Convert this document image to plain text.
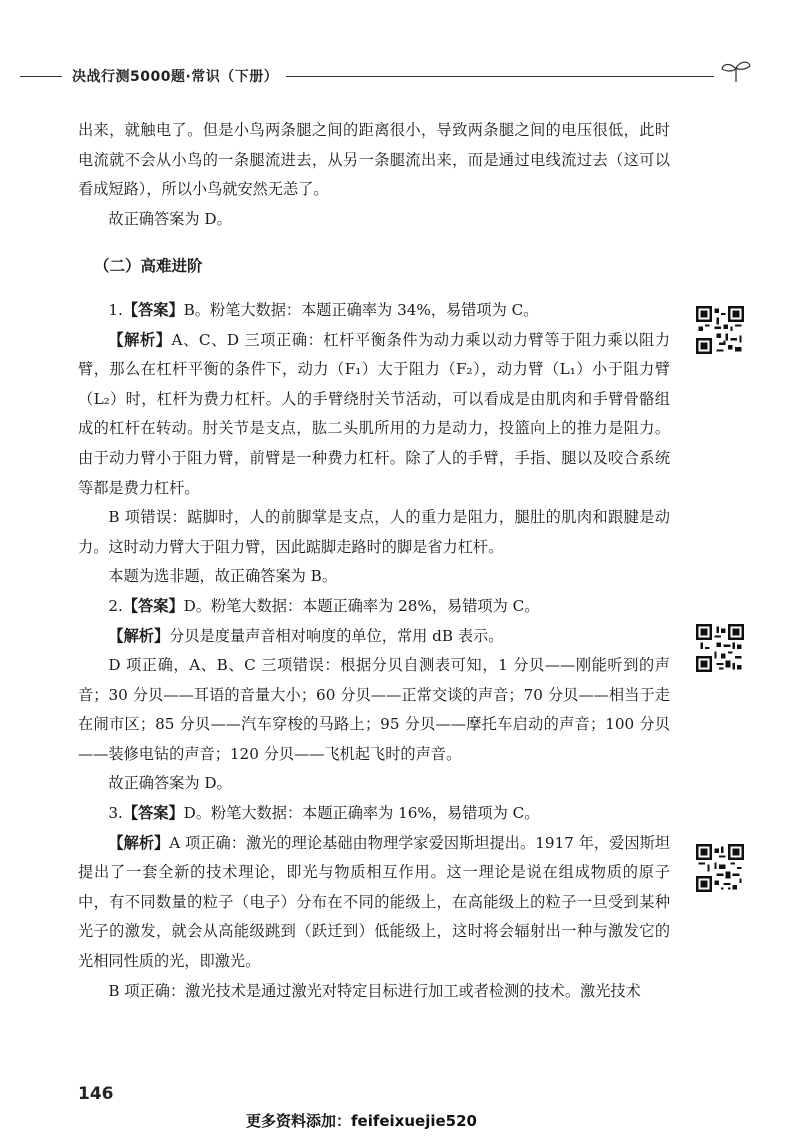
决战行测5000题·常识（下册）

出来，就触电了。但是小鸟两条腿之间的距离很小，导致两条腿之间的电压很低，此时电流就不会从小鸟的一条腿流进去，从另一条腿流出来，而是通过电线流过去（这可以看成短路），所以小鸟就安然无恙了。

故正确答案为 D。

（二）高难进阶

1.【答案】B。粉笔大数据：本题正确率为 34%，易错项为 C。

【解析】A、C、D 三项正确：杠杆平衡条件为动力乘以动力臂等于阻力乘以阻力臂，那么在杠杆平衡的条件下，动力（F₁）大于阻力（F₂），动力臂（L₁）小于阻力臂（L₂）时，杠杆为费力杠杆。人的手臂绕肘关节活动，可以看成是由肌肉和手臂骨骼组成的杠杆在转动。肘关节是支点，肱二头肌所用的力是动力，投篮向上的推力是阻力。由于动力臂小于阻力臂，前臂是一种费力杠杆。除了人的手臂，手指、腿以及咬合系统等都是费力杠杆。

B 项错误：踮脚时，人的前脚掌是支点，人的重力是阻力，腿肚的肌肉和跟腱是动力。这时动力臂大于阻力臂，因此踮脚走路时的脚是省力杠杆。

本题为选非题，故正确答案为 B。

2.【答案】D。粉笔大数据：本题正确率为 28%，易错项为 C。

【解析】分贝是度量声音相对响度的单位，常用 dB 表示。

D 项正确，A、B、C 三项错误：根据分贝自测表可知，1 分贝——刚能听到的声音；30 分贝——耳语的音量大小；60 分贝——正常交谈的声音；70 分贝——相当于走在闹市区；85 分贝——汽车穿梭的马路上；95 分贝——摩托车启动的声音；100 分贝——装修电钻的声音；120 分贝——飞机起飞时的声音。

故正确答案为 D。

3.【答案】D。粉笔大数据：本题正确率为 16%，易错项为 C。

【解析】A 项正确：激光的理论基础由物理学家爱因斯坦提出。1917 年，爱因斯坦提出了一套全新的技术理论，即光与物质相互作用。这一理论是说在组成物质的原子中，有不同数量的粒子（电子）分布在不同的能级上，在高能级上的粒子一旦受到某种光子的激发，就会从高能级跳到（跃迁到）低能级上，这时将会辐射出一种与激发它的光相同性质的光，即激光。

B 项正确：激光技术是通过激光对特定目标进行加工或者检测的技术。激光技术

146
更多资料添加：feifeixuejie520
